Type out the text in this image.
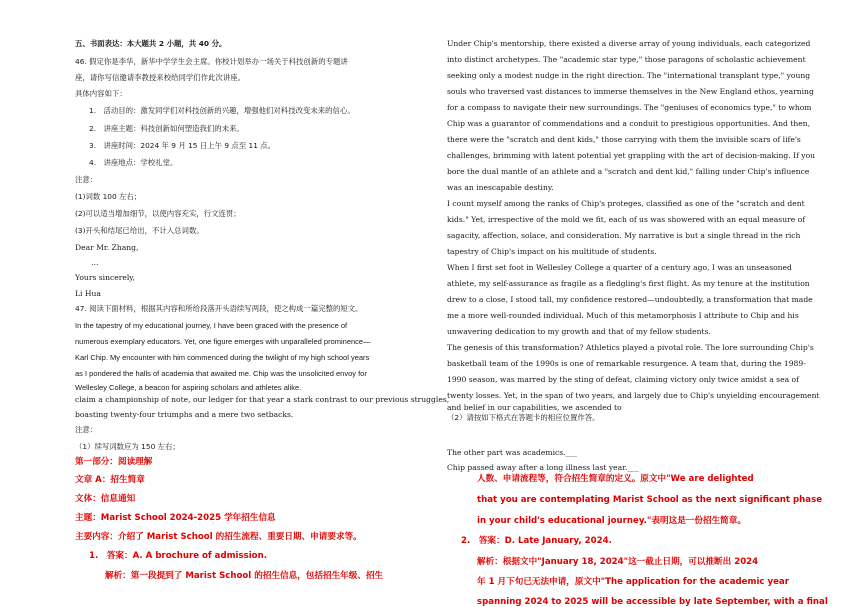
五、书面表达：本大题共 2 小题，共 40 分。
46. 假定你是李华，新华中学学生会主席。你校计划举办一场关于科技创新的专题讲
座，请你写信邀请李教授来校给同学们作此次讲座。
具体内容如下：
1.　活动目的：激发同学们对科技创新的兴趣，增强他们对科技改变未来的信心。
2.　讲座主题：科技创新如何塑造我们的未来。
3.　讲座时间：2024 年 9 月 15 日上午 9 点至 11 点。
4.　讲座地点：学校礼堂。
注意：
(1)词数 100 左右；
(2)可以适当增加细节，以使内容充实，行文连贯；
(3)开头和结尾已给出，不计入总词数。
Dear Mr. Zhang,
…
Yours sincerely,
Li Hua
47. 阅读下面材料，根据其内容和所给段落开头语续写两段，使之构成一篇完整的短文。
In the tapestry of my educational journey, I have been graced with the presence of
numerous exemplary educators. Yet, one figure emerges with unparalleled prominence—
Karl Chip. My encounter with him commenced during the twilight of my high school years
as I pondered the halls of academia that awaited me. Chip was the unsolicited envoy for
Wellesley College, a beacon for aspiring scholars and athletes alike.
claim a championship of note, our ledger for that year a stark contrast to our previous struggles,
boasting twenty-four triumphs and a mere two setbacks.
注意：
（1）续写词数应为 150 左右；
第一部分：阅读理解
文章 A：招生简章
文体：信息通知
主题：Marist School 2024-2025 学年招生信息
主要内容：介绍了 Marist School 的招生流程、重要日期、申请要求等。
1.　答案：A. A brochure of admission.
解析：第一段提到了 Marist School 的招生信息，包括招生年级、招生
Under Chip's mentorship, there existed a diverse array of young individuals, each categorized
into distinct archetypes. The "academic star type," those paragons of scholastic achievement
seeking only a modest nudge in the right direction. The "international transplant type," young
souls who traversed vast distances to immerse themselves in the New England ethos, yearning
for a compass to navigate their new surroundings. The "geniuses of economics type," to whom
Chip was a guarantor of commendations and a conduit to prestigious opportunities. And then,
there were the "scratch and dent kids," those carrying with them the invisible scars of life's
challenges, brimming with latent potential yet grappling with the art of decision-making. If you
bore the dual mantle of an athlete and a "scratch and dent kid," falling under Chip's influence
was an inescapable destiny.
I count myself among the ranks of Chip's proteges, classified as one of the "scratch and dent
kids." Yet, irrespective of the mold we fit, each of us was showered with an equal measure of
sagacity, affection, solace, and consideration. My narrative is but a single thread in the rich
tapestry of Chip's impact on his multitude of students.
When I first set foot in Wellesley College a quarter of a century ago, I was an unseasoned
athlete, my self-assurance as fragile as a fledgling's first flight. As my tenure at the institution
drew to a close, I stood tall, my confidence restored—undoubtedly, a transformation that made
me a more well-rounded individual. Much of this metamorphosis I attribute to Chip and his
unwavering dedication to my growth and that of my fellow students.
The genesis of this transformation? Athletics played a pivotal role. The lore surrounding Chip's
basketball team of the 1990s is one of remarkable resurgence. A team that, during the 1989-
1990 season, was marred by the sting of defeat, claiming victory only twice amidst a sea of
twenty losses. Yet, in the span of two years, and largely due to Chip's unyielding encouragement
and belief in our capabilities, we ascended to
（2）请按如下格式在答题卡的相应位置作答。
The other part was academics.___
Chip passed away after a long illness last year.___
人数、申请流程等，符合招生简章的定义。原文中"We are delighted
that you are contemplating Marist School as the next significant phase
in your child's educational journey."表明这是一份招生简章。
2.　答案：D. Late January, 2024.
解析：根据文中"January 18, 2024"这一截止日期，可以推断出 2024
年 1 月下旬已无法申请，原文中"The application for the academic year
spanning 2024 to 2025 will be accessible by late September, with a final
